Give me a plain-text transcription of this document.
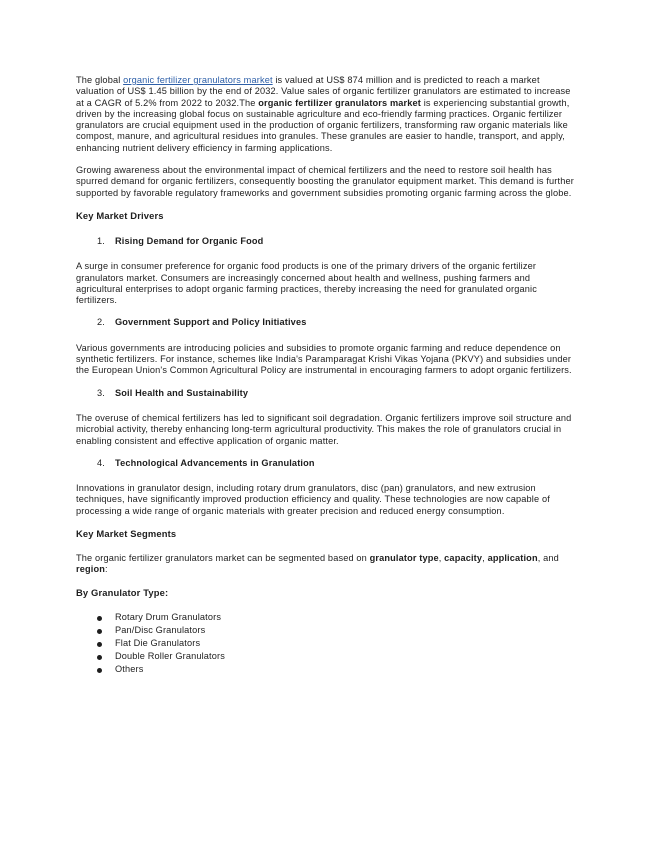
The global organic fertilizer granulators market is valued at US$ 874 million and is predicted to reach a market valuation of US$ 1.45 billion by the end of 2032. Value sales of organic fertilizer granulators are estimated to increase at a CAGR of 5.2% from 2022 to 2032.The organic fertilizer granulators market is experiencing substantial growth, driven by the increasing global focus on sustainable agriculture and eco-friendly farming practices. Organic fertilizer granulators are crucial equipment used in the production of organic fertilizers, transforming raw organic materials like compost, manure, and agricultural residues into granules. These granules are easier to handle, transport, and apply, enhancing nutrient delivery efficiency in farming applications.

Growing awareness about the environmental impact of chemical fertilizers and the need to restore soil health has spurred demand for organic fertilizers, consequently boosting the granulator equipment market. This demand is further supported by favorable regulatory frameworks and government subsidies promoting organic farming across the globe.

Key Market Drivers
1.	Rising Demand for Organic Food

A surge in consumer preference for organic food products is one of the primary drivers of the organic fertilizer granulators market. Consumers are increasingly concerned about health and wellness, pushing farmers and agricultural enterprises to adopt organic farming practices, thereby increasing the need for granulated organic fertilizers.

2.	Government Support and Policy Initiatives

Various governments are introducing policies and subsidies to promote organic farming and reduce dependence on synthetic fertilizers. For instance, schemes like India's Paramparagat Krishi Vikas Yojana (PKVY) and subsidies under the European Union's Common Agricultural Policy are instrumental in encouraging farmers to adopt organic fertilizers.

3.	Soil Health and Sustainability

The overuse of chemical fertilizers has led to significant soil degradation. Organic fertilizers improve soil structure and microbial activity, thereby enhancing long-term agricultural productivity. This makes the role of granulators crucial in enabling consistent and effective application of organic matter.

4.	Technological Advancements in Granulation

Innovations in granulator design, including rotary drum granulators, disc (pan) granulators, and new extrusion techniques, have significantly improved production efficiency and quality. These technologies are now capable of processing a wide range of organic materials with greater precision and reduced energy consumption.

Key Market Segments

The organic fertilizer granulators market can be segmented based on granulator type, capacity, application, and region:

By Granulator Type:
Rotary Drum Granulators
Pan/Disc Granulators
Flat Die Granulators
Double Roller Granulators
Others
